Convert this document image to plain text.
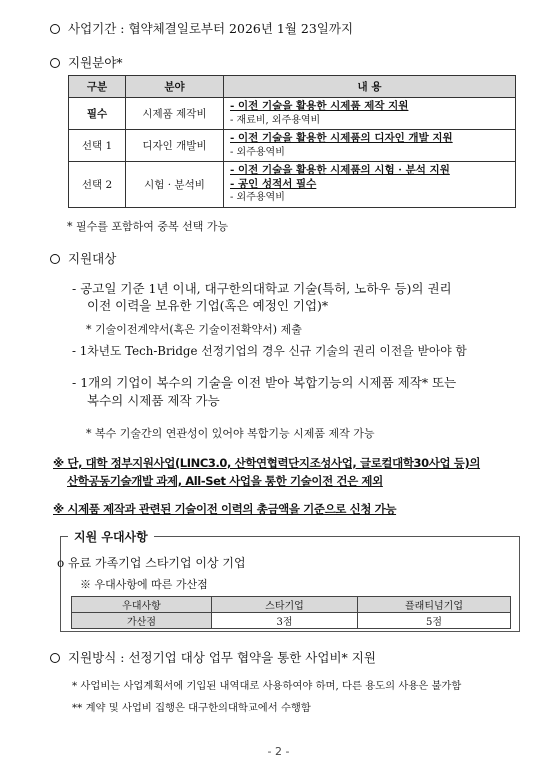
사업기간 : 협약체결일로부터 2026년 1월 23일까지
지원분야*
구분	분야	내 용
필수	시제품 제작비	- 이전 기술을 활용한 시제품 제작 지원
- 재료비, 외주용역비

선택 1	디자인 개발비	- 이전 기술을 활용한 시제품의 디자인 개발 지원
- 외주용역비

선택 2	시험 · 분석비	- 이전 기술을 활용한 시제품의 시험 · 분석 지원
- 공인 성적서 필수
- 외주용역비
* 필수를 포함하여 중복 선택 가능
지원대상
- 공고일 기준 1년 이내, 대구한의대학교 기술(특허, 노하우 등)의 권리
이전 이력을 보유한 기업(혹은 예정인 기업)*
* 기술이전계약서(혹은 기술이전확약서) 제출
- 1차년도 Tech-Bridge 선정기업의 경우 신규 기술의 권리 이전을 받아야 함
- 1개의 기업이 복수의 기술을 이전 받아 복합기능의 시제품 제작* 또는
복수의 시제품 제작 가능
* 복수 기술간의 연관성이 있어야 복합기능 시제품 제작 가능
※ 단, 대학 정부지원사업(LINC3.0, 산학연협력단지조성사업, 글로컬대학30사업 등)의
산학공동기술개발 과제, All-Set 사업을 통한 기술이전 건은 제외
※ 시제품 제작과 관련된 기술이전 이력의 총금액을 기준으로 신청 가능
지원 우대사항
o 유료 가족기업 스타기업 이상 기업
※ 우대사항에 따른 가산점
우대사항	스타기업	플래티넘기업
가산점	3점	5점
지원방식 : 선정기업 대상 업무 협약을 통한 사업비* 지원
* 사업비는 사업계획서에 기입된 내역대로 사용하여야 하며, 다른 용도의 사용은 불가함
** 계약 및 사업비 집행은 대구한의대학교에서 수행함
- 2 -
